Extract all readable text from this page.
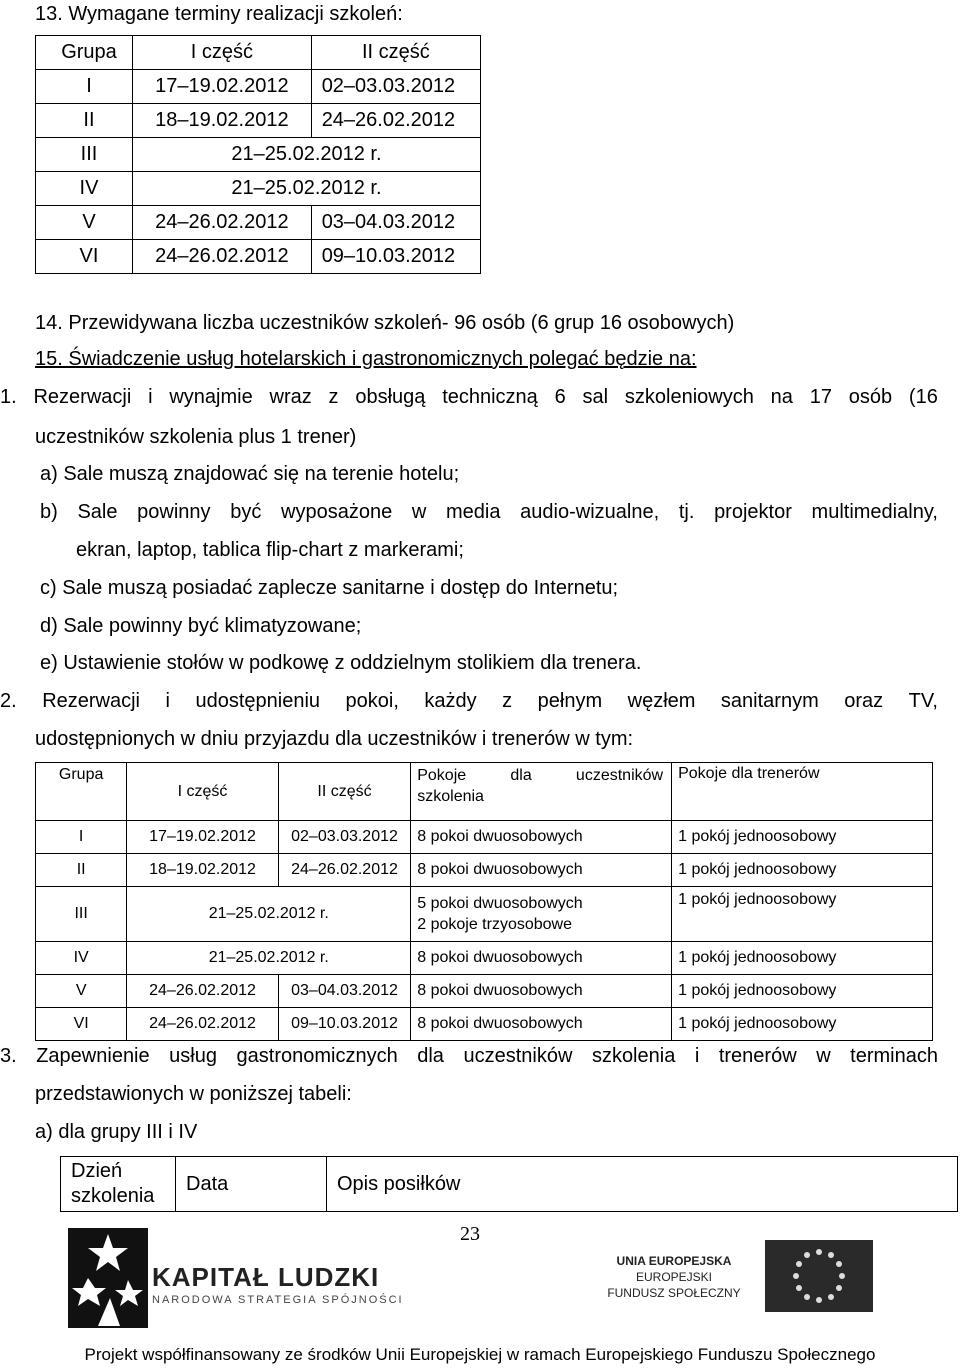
13. Wymagane terminy realizacji szkoleń:
Grupa	I część	II część
I	17–19.02.2012	02–03.03.2012
II	18–19.02.2012	24–26.02.2012
III	21–25.02.2012 r.	
IV	21–25.02.2012 r.	
V	24–26.02.2012	03–04.03.2012
VI	24–26.02.2012	09–10.03.2012
14. Przewidywana liczba uczestników szkoleń- 96 osób (6 grup 16 osobowych)
15. Świadczenie usług hotelarskich i gastronomicznych polegać będzie na:
1. Rezerwacji i wynajmie wraz z obsługą techniczną 6 sal szkoleniowych na 17 osób (16
uczestników szkolenia plus 1 trener)
a) Sale muszą znajdować się na terenie hotelu;
b) Sale powinny być wyposażone w media audio-wizualne, tj. projektor multimedialny,
ekran, laptop, tablica flip-chart z markerami;
c) Sale muszą posiadać zaplecze sanitarne i dostęp do Internetu;
d) Sale powinny być klimatyzowane;
e) Ustawienie stołów w podkowę z oddzielnym stolikiem dla trenera.
2. Rezerwacji i udostępnieniu pokoi, każdy z pełnym węzłem sanitarnym oraz TV,
udostępnionych w dniu przyjazdu dla uczestników i trenerów w tym:
Grupa	I część	II część	Pokoje dla uczestników
szkolenia	Pokoje dla trenerów
I	17–19.02.2012	02–03.03.2012	8 pokoi dwuosobowych	1 pokój jednoosobowy
II	18–19.02.2012	24–26.02.2012	8 pokoi dwuosobowych	1 pokój jednoosobowy
III	21–25.02.2012 r.		5 pokoi dwuosobowych
2 pokoje trzyosobowe	1 pokój jednoosobowy
IV	21–25.02.2012 r.		8 pokoi dwuosobowych	1 pokój jednoosobowy
V	24–26.02.2012	03–04.03.2012	8 pokoi dwuosobowych	1 pokój jednoosobowy
VI	24–26.02.2012	09–10.03.2012	8 pokoi dwuosobowych	1 pokój jednoosobowy
3. Zapewnienie usług gastronomicznych dla uczestników szkolenia i trenerów w terminach
przedstawionych w poniższej tabeli:
a) dla grupy III i IV
Dzień
szkolenia
	Data	Opis posiłków
23
KAPITAŁ LUDZKI
NARODOWA STRATEGIA SPÓJNOŚCI
UNIA EUROPEJSKA
EUROPEJSKI
FUNDUSZ SPOŁECZNY
Projekt współfinansowany ze środków Unii Europejskiej w ramach Europejskiego Funduszu Społecznego
